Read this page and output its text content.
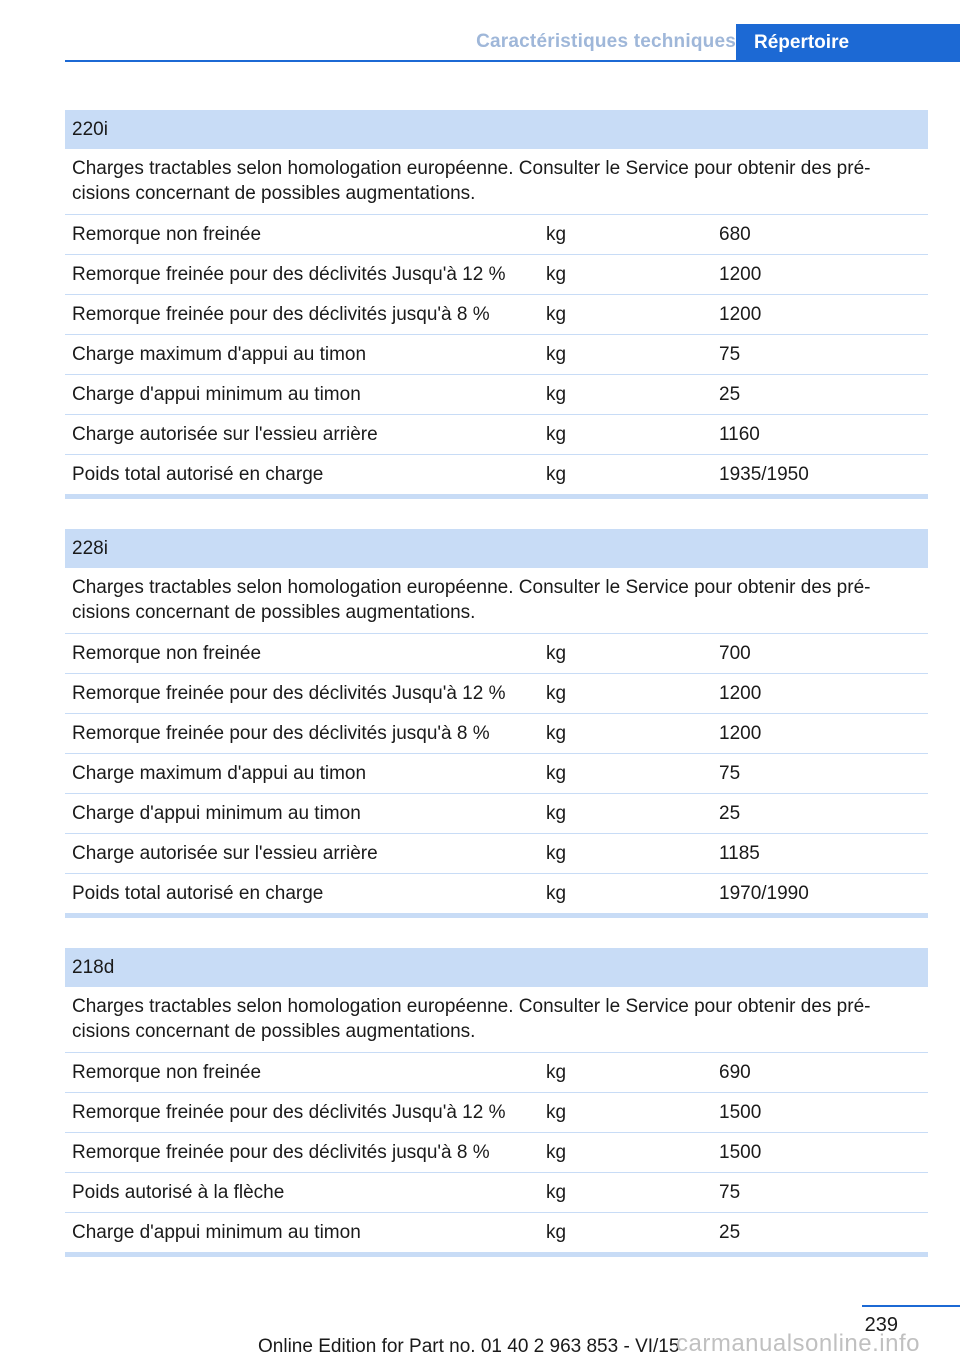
Caractéristiques techniques Répertoire
220i
Charges tractables selon homologation européenne. Consulter le Service pour obtenir des précisions concernant de possibles augmentations.
Remorque non freinée	kg	680
Remorque freinée pour des déclivités Jusqu'à 12 % kg	1200
Remorque freinée pour des déclivités jusqu'à 8 %	kg	1200
Charge maximum d'appui au timon	kg	75
Charge d'appui minimum au timon	kg	25
Charge autorisée sur l'essieu arrière	kg	1160
Poids total autorisé en charge	kg	1935/1950
228i
Charges tractables selon homologation européenne. Consulter le Service pour obtenir des précisions concernant de possibles augmentations.
Remorque non freinée	kg	700
Remorque freinée pour des déclivités Jusqu'à 12 % kg	1200
Remorque freinée pour des déclivités jusqu'à 8 %	kg	1200
Charge maximum d'appui au timon	kg	75
Charge d'appui minimum au timon	kg	25
Charge autorisée sur l'essieu arrière	kg	1185
Poids total autorisé en charge	kg	1970/1990
218d
Charges tractables selon homologation européenne. Consulter le Service pour obtenir des précisions concernant de possibles augmentations.
Remorque non freinée	kg	690
Remorque freinée pour des déclivités Jusqu'à 12 % kg	1500
Remorque freinée pour des déclivités jusqu'à 8 %	kg	1500
Poids autorisé à la flèche	kg	75
Charge d'appui minimum au timon	kg	25
239
Online Edition for Part no. 01 40 2 963 853 - VI/15
carmanualsonline.info
